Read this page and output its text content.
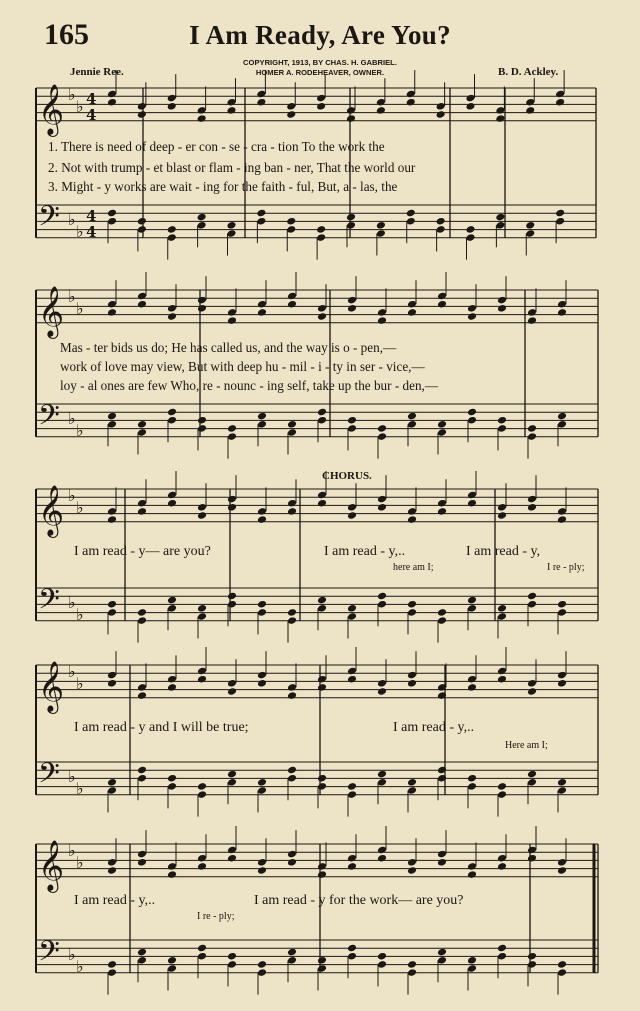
165	I Am Ready, Are You?
Jennie Ree.
COPYRIGHT, 1913, BY CHAS. H. GABRIEL.
HOMER A. RODEHEAVER, OWNER.	B. D. Ackley.
1. There is need of deep - er con - se - cra - tion To the work the
2. Not with trump - et blast or flam - ing ban - ner, That the world our
3. Might - y works are wait - ing for the faith - ful, But, a - las, the
Mas - ter bids us do; He has called us, and the way is o - pen,—
work of love may view, But with deep hu - mil - i - ty in ser - vice,—
loy - al ones are few Who, re - nounc - ing self, take up the bur - den,—
CHORUS.
I am read - y— are you?	I am read - y,..	I am read - y,
here am I;	I re - ply;
I am read - y and I will be true;	I am read - y,..
Here am I;
I am read - y,..	I am read - y for the work— are you?
I re - ply;
𝄞 ♭
♭ 4
4
𝄢 ♭
♭
4
4
𝄞 ♭
♭
𝄢 ♭
♭
𝄞 ♭
♭
𝄢 ♭
♭
𝄞 ♭
♭
𝄢 ♭
♭
𝄞 ♭
♭
𝄢 ♭
♭
